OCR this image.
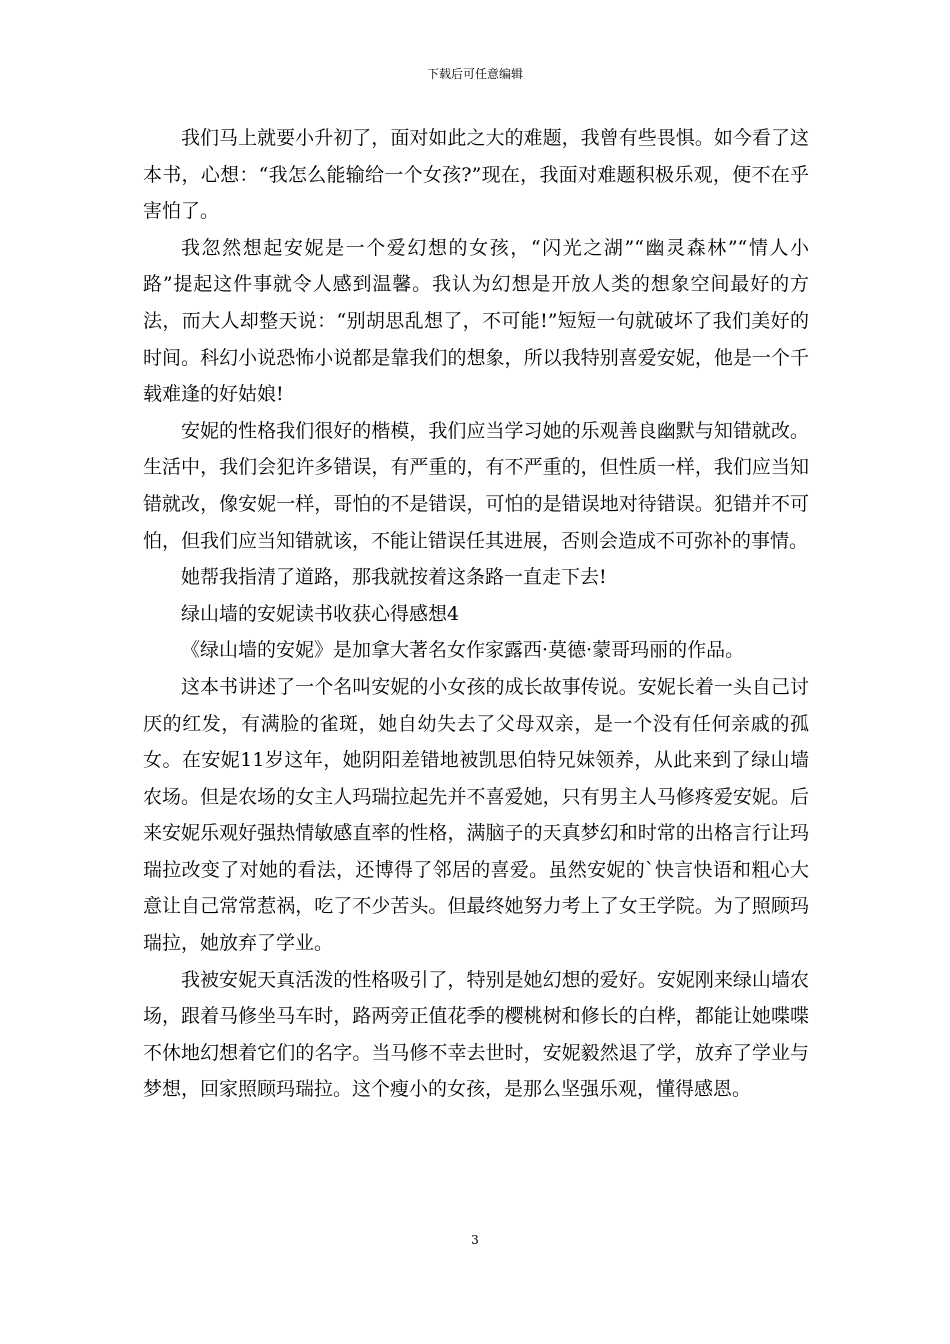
下载后可任意编辑

我们马上就要小升初了，面对如此之大的难题，我曾有些畏惧。如今看了这本书，心想：“我怎么能输给一个女孩?”现在，我面对难题积极乐观，便不在乎害怕了。

我忽然想起安妮是一个爱幻想的女孩，“闪光之湖”“幽灵森林”“情人小路”提起这件事就令人感到温馨。我认为幻想是开放人类的想象空间最好的方法，而大人却整天说：“别胡思乱想了，不可能!”短短一句就破坏了我们美好的时间。科幻小说恐怖小说都是靠我们的想象，所以我特别喜爱安妮，他是一个千载难逢的好姑娘!

安妮的性格我们很好的楷模，我们应当学习她的乐观善良幽默与知错就改。生活中，我们会犯许多错误，有严重的，有不严重的，但性质一样，我们应当知错就改，像安妮一样，哥怕的不是错误，可怕的是错误地对待错误。犯错并不可怕，但我们应当知错就该，不能让错误任其进展，否则会造成不可弥补的事情。

她帮我指清了道路，那我就按着这条路一直走下去!

绿山墙的安妮读书收获心得感想4

《绿山墙的安妮》是加拿大著名女作家露西·莫德·蒙哥玛丽的作品。

这本书讲述了一个名叫安妮的小女孩的成长故事传说。安妮长着一头自己讨厌的红发，有满脸的雀斑，她自幼失去了父母双亲，是一个没有任何亲戚的孤女。在安妮11岁这年，她阴阳差错地被凯思伯特兄妹领养，从此来到了绿山墙农场。但是农场的女主人玛瑞拉起先并不喜爱她，只有男主人马修疼爱安妮。后来安妮乐观好强热情敏感直率的性格，满脑子的天真梦幻和时常的出格言行让玛瑞拉改变了对她的看法，还博得了邻居的喜爱。虽然安妮的`快言快语和粗心大意让自己常常惹祸，吃了不少苦头。但最终她努力考上了女王学院。为了照顾玛瑞拉，她放弃了学业。

我被安妮天真活泼的性格吸引了，特别是她幻想的爱好。安妮刚来绿山墙农场，跟着马修坐马车时，路两旁正值花季的樱桃树和修长的白桦，都能让她喋喋不休地幻想着它们的名字。当马修不幸去世时，安妮毅然退了学，放弃了学业与梦想，回家照顾玛瑞拉。这个瘦小的女孩，是那么坚强乐观，懂得感恩。

3
